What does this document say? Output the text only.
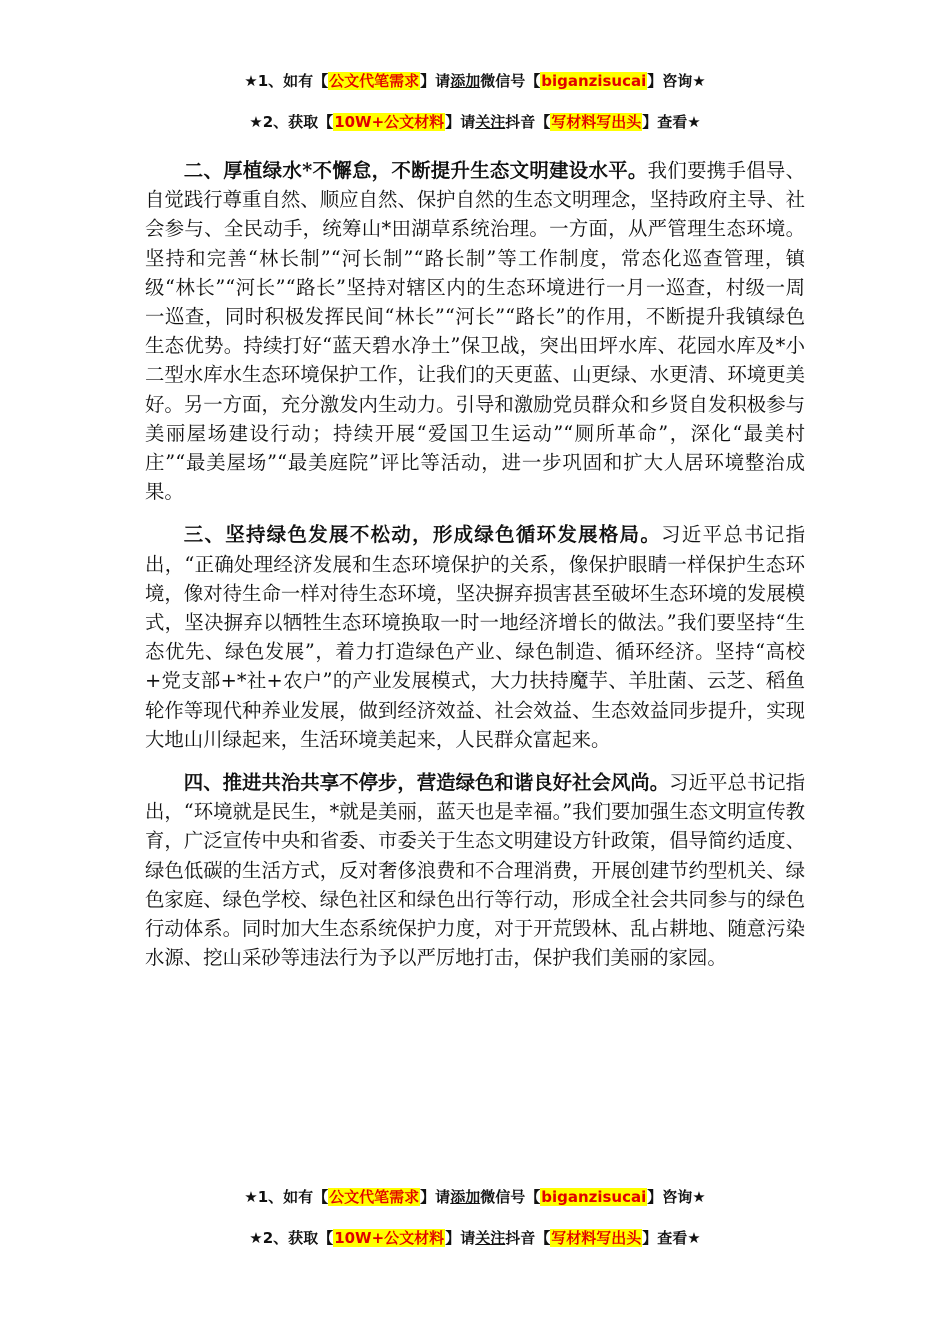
★1、如有【公文代笔需求】请添加微信号【biganzisucai】咨询★
★2、获取【10W+公文材料】请关注抖音【写材料写出头】查看★

二、厚植绿水*不懈怠，不断提升生态文明建设水平。我们要携手倡导、自觉践行尊重自然、顺应自然、保护自然的生态文明理念，坚持政府主导、社会参与、全民动手，统筹山*田湖草系统治理。一方面，从严管理生态环境。坚持和完善“林长制”“河长制”“路长制”等工作制度，常态化巡查管理，镇级“林长”“河长”“路长”坚持对辖区内的生态环境进行一月一巡查，村级一周一巡查，同时积极发挥民间“林长”“河长”“路长”的作用，不断提升我镇绿色生态优势。持续打好“蓝天碧水净土”保卫战，突出田坪水库、花园水库及*小二型水库水生态环境保护工作，让我们的天更蓝、山更绿、水更清、环境更美好。另一方面，充分激发内生动力。引导和激励党员群众和乡贤自发积极参与美丽屋场建设行动；持续开展“爱国卫生运动”“厕所革命”，深化“最美村庄”“最美屋场”“最美庭院”评比等活动，进一步巩固和扩大人居环境整治成果。

三、坚持绿色发展不松动，形成绿色循环发展格局。习近平总书记指出，“正确处理经济发展和生态环境保护的关系，像保护眼睛一样保护生态环境，像对待生命一样对待生态环境，坚决摒弃损害甚至破坏生态环境的发展模式，坚决摒弃以牺牲生态环境换取一时一地经济增长的做法。”我们要坚持“生态优先、绿色发展”，着力打造绿色产业、绿色制造、循环经济。坚持“高校+党支部+*社+农户”的产业发展模式，大力扶持魔芋、羊肚菌、云芝、稻鱼轮作等现代种养业发展，做到经济效益、社会效益、生态效益同步提升，实现大地山川绿起来，生活环境美起来，人民群众富起来。

四、推进共治共享不停步，营造绿色和谐良好社会风尚。习近平总书记指出，“环境就是民生，*就是美丽，蓝天也是幸福。”我们要加强生态文明宣传教育，广泛宣传中央和省委、市委关于生态文明建设方针政策，倡导简约适度、绿色低碳的生活方式，反对奢侈浪费和不合理消费，开展创建节约型机关、绿色家庭、绿色学校、绿色社区和绿色出行等行动，形成全社会共同参与的绿色行动体系。同时加大生态系统保护力度，对于开荒毁林、乱占耕地、随意污染水源、挖山采砂等违法行为予以严厉地打击，保护我们美丽的家园。

★1、如有【公文代笔需求】请添加微信号【biganzisucai】咨询★
★2、获取【10W+公文材料】请关注抖音【写材料写出头】查看★
